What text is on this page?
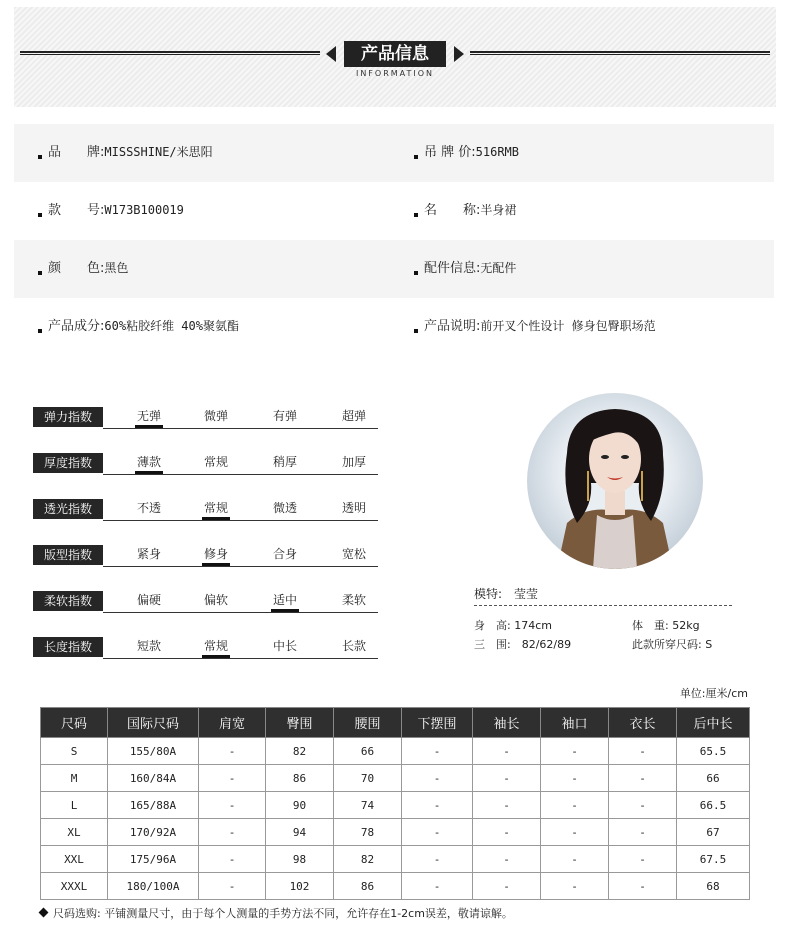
产品信息
INFORMATION
品　　牌:MISSSHINE/米思阳	吊 牌 价:516RMB
款　　号:W173B100019	名　　称:半身裙
颜　　色:黑色	配件信息:无配件
产品成分:60%粘胶纤维 40%聚氨酯	产品说明:前开叉个性设计 修身包臀职场范
弹力指数	无弹	微弹	有弹	超弹
厚度指数	薄款	常规	稍厚	加厚
透光指数	不透	常规	微透	透明
版型指数	紧身	修身	合身	宽松
柔软指数	偏硬	偏软	适中	柔软
长度指数	短款	常规	中长	长款
模特:　莹莹
身　高: 174cm	体　重: 52kg
三　围:　82/62/89	此款所穿尺码: S
单位:厘米/cm
尺码	国际尺码	肩宽	臀围	腰围	下摆围	袖长	袖口	衣长	后中长
S	155/80A	-	82	66	-	-	-	-	65.5
M	160/84A	-	86	70	-	-	-	-	66
L	165/88A	-	90	74	-	-	-	-	66.5
XL	170/92A	-	94	78	-	-	-	-	67
XXL	175/96A	-	98	82	-	-	-	-	67.5
XXXL	180/100A	-	102	86	-	-	-	-	68
尺码选购: 平铺测量尺寸，由于每个人测量的手势方法不同，允许存在1-2cm误差，敬请谅解。
